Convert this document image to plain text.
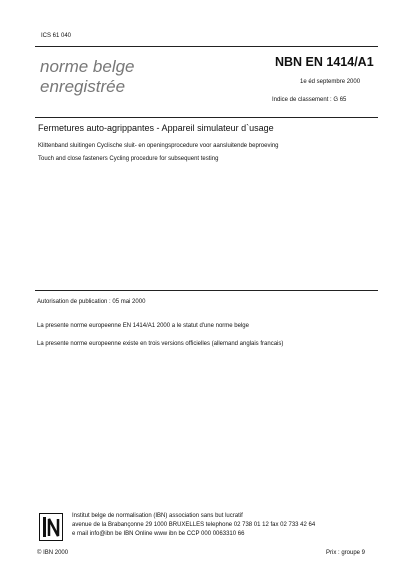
ICS 61 040
norme belge
enregistrée
NBN EN 1414/A1
1e éd septembre 2000
Indice de classement : G 65
Fermetures auto-agrippantes - Appareil simulateur d`usage
Klittenband sluitingen Cyclische sluit- en openingsprocedure voor aansluitende beproeving
Touch and close fasteners Cycling procedure for subsequent testing
Autorisation de publication : 05 mai 2000
La presente norme europeenne EN 1414/A1 2000 a le statut d'une norme belge
La presente norme europeenne existe en trois versions officielles (allemand anglais francais)
Institut belge de normalisation (IBN) association sans but lucratif
avenue de la Brabançonne 29 1000 BRUXELLES telephone 02 738 01 12 fax 02 733 42 64
e mail info@ibn be IBN Online www ibn be CCP 000 0063310 66
© IBN 2000	Prix : groupe 9
